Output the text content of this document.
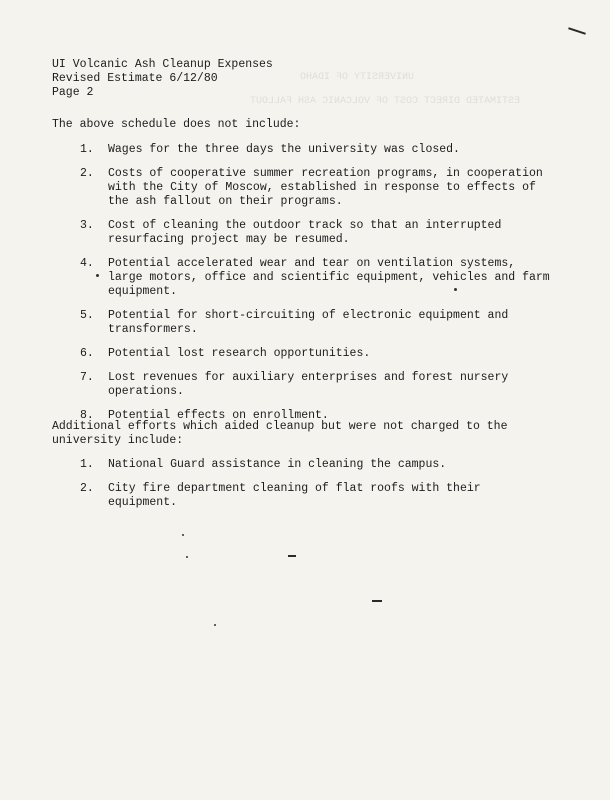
UNIVERSITY OF IDAHO
ESTIMATED DIRECT COST OF VOLCANIC ASH FALLOUT
UI Volcanic Ash Cleanup Expenses
Revised Estimate 6/12/80
Page 2
The above schedule does not include:
1.	Wages for the three days the university was closed.
2.	Costs of cooperative summer recreation programs, in cooperation with the City of Moscow, established in response to effects of the ash fallout on their programs.
3.	Cost of cleaning the outdoor track so that an interrupted resurfacing project may be resumed.
4.	Potential accelerated wear and tear on ventilation systems, large motors, office and scientific equipment, vehicles and farm equipment.
5.	Potential for short-circuiting of electronic equipment and transformers.
6.	Potential lost research opportunities.
7.	Lost revenues for auxiliary enterprises and forest nursery operations.
8.	Potential effects on enrollment.
Additional efforts which aided cleanup but were not charged to the university include:
1.	National Guard assistance in cleaning the campus.
2.	City fire department cleaning of flat roofs with their equipment.
